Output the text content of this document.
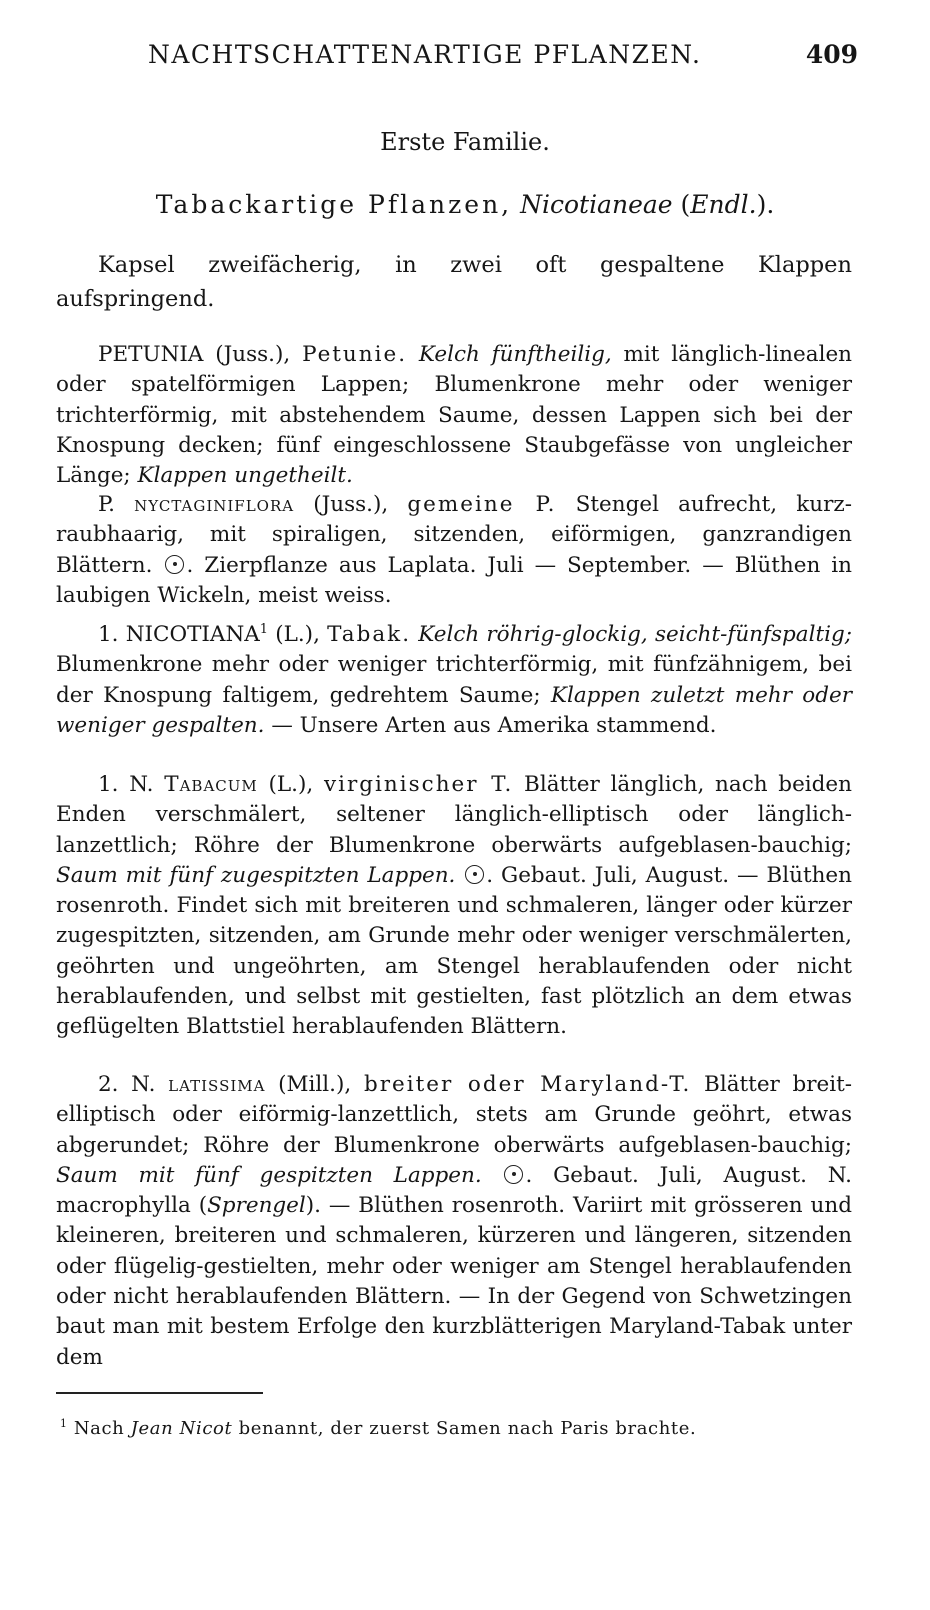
NACHTSCHATTENARTIGE PFLANZEN.	409
Erste Familie.
Tabackartige Pflanzen, Nicotianeae (Endl.).
Kapsel zweifächerig, in zwei oft gespaltene Klappen aufspringend.
PETUNIA (Juss.), Petunie. Kelch fünftheilig, mit länglich-linealen oder spatelförmigen Lappen; Blumenkrone mehr oder weniger trichterförmig, mit abstehendem Saume, dessen Lappen sich bei der Knospung decken; fünf eingeschlossene Staubgefässe von ungleicher Länge; Klappen ungetheilt.
P. nyctaginiflora (Juss.), gemeine P. Stengel aufrecht, kurz-raubhaarig, mit spiraligen, sitzenden, eiförmigen, ganzrandigen Blättern. . Zierpflanze aus Laplata. Juli — September. — Blüthen in laubigen Wickeln, meist weiss.
1. NICOTIANA$^1$ (L.), Tabak. Kelch röhrig-glockig, seicht-fünfspaltig; Blumenkrone mehr oder weniger trichterförmig, mit fünfzähnigem, bei der Knospung faltigem, gedrehtem Saume; Klappen zuletzt mehr oder weniger gespalten. — Unsere Arten aus Amerika stammend.
1. N. Tabacum (L.), virginischer T. Blätter länglich, nach beiden Enden verschmälert, seltener länglich-elliptisch oder länglich-lanzettlich; Röhre der Blumenkrone oberwärts aufgeblasen-bauchig; Saum mit fünf zugespitzten Lappen. . Gebaut. Juli, August. — Blüthen rosenroth. Findet sich mit breiteren und schmaleren, länger oder kürzer zugespitzten, sitzenden, am Grunde mehr oder weniger verschmälerten, geöhrten und ungeöhrten, am Stengel herablaufenden oder nicht herablaufenden, und selbst mit gestielten, fast plötzlich an dem etwas geflügelten Blattstiel herablaufenden Blättern.
2. N. latissima (Mill.), breiter oder Maryland-T. Blätter breit-elliptisch oder eiförmig-lanzettlich, stets am Grunde geöhrt, etwas abgerundet; Röhre der Blumenkrone oberwärts aufgeblasen-bauchig; Saum mit fünf gespitzten Lappen. . Gebaut. Juli, August. N. macrophylla (Sprengel). — Blüthen rosenroth. Variirt mit grösseren und kleineren, breiteren und schmaleren, kürzeren und längeren, sitzenden oder flügelig-gestielten, mehr oder weniger am Stengel herablaufenden oder nicht herablaufenden Blättern. — In der Gegend von Schwetzingen baut man mit bestem Erfolge den kurzblätterigen Maryland-Tabak unter dem
$^1$ Nach Jean Nicot benannt, der zuerst Samen nach Paris brachte.
